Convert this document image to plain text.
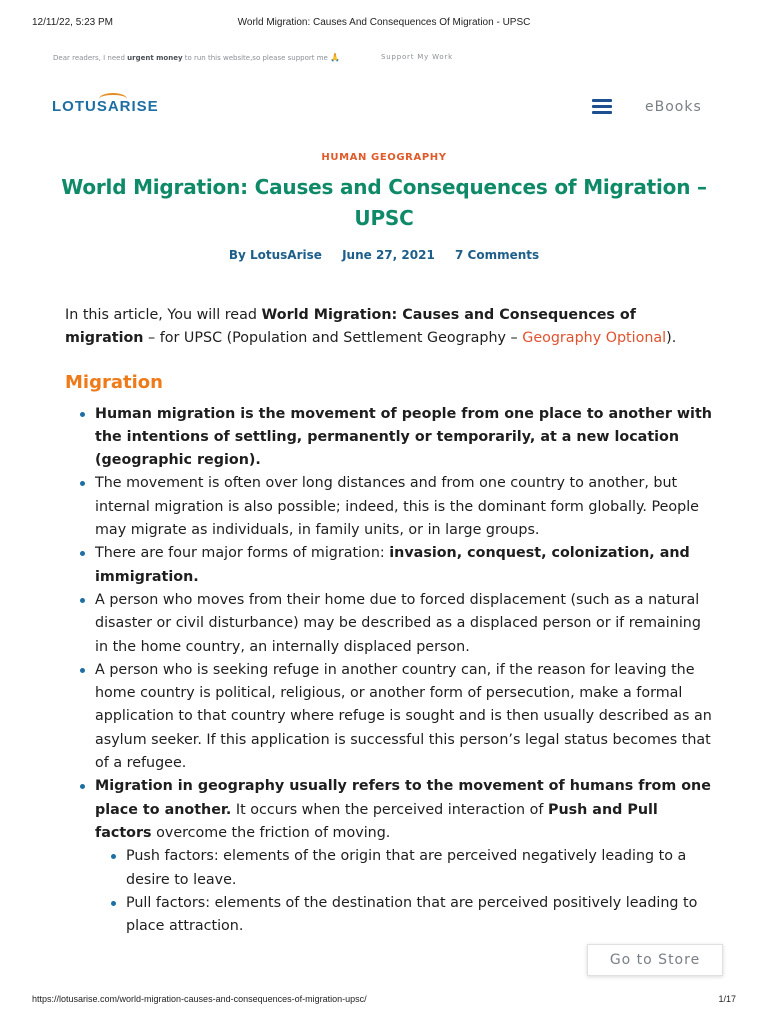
12/11/22, 5:23 PM	World Migration: Causes And Consequences Of Migration - UPSC
Dear readers, I need urgent money to run this website,so please support me 🙏	Support My Work
LOTUSARISE	eBooks
HUMAN GEOGRAPHY
World Migration: Causes and Consequences of Migration – UPSC
By LotusArise June 27, 2021 7 Comments

In this article, You will read World Migration: Causes and Consequences of migration – for UPSC (Population and Settlement Geography – Geography Optional).

Migration
Human migration is the movement of people from one place to another with the intentions of settling, permanently or temporarily, at a new location (geographic region).
The movement is often over long distances and from one country to another, but internal migration is also possible; indeed, this is the dominant form globally. People may migrate as individuals, in family units, or in large groups.
There are four major forms of migration: invasion, conquest, colonization, and immigration.
A person who moves from their home due to forced displacement (such as a natural disaster or civil disturbance) may be described as a displaced person or if remaining in the home country, an internally displaced person.
A person who is seeking refuge in another country can, if the reason for leaving the home country is political, religious, or another form of persecution, make a formal application to that country where refuge is sought and is then usually described as an asylum seeker. If this application is successful this person’s legal status becomes that of a refugee.
Migration in geography usually refers to the movement of humans from one place to another. It occurs when the perceived interaction of Push and Pull factors overcome the friction of moving.
Push factors: elements of the origin that are perceived negatively leading to a desire to leave.
Pull factors: elements of the destination that are perceived positively leading to place attraction.
Go to Store
https://lotusarise.com/world-migration-causes-and-consequences-of-migration-upsc/	1/17
